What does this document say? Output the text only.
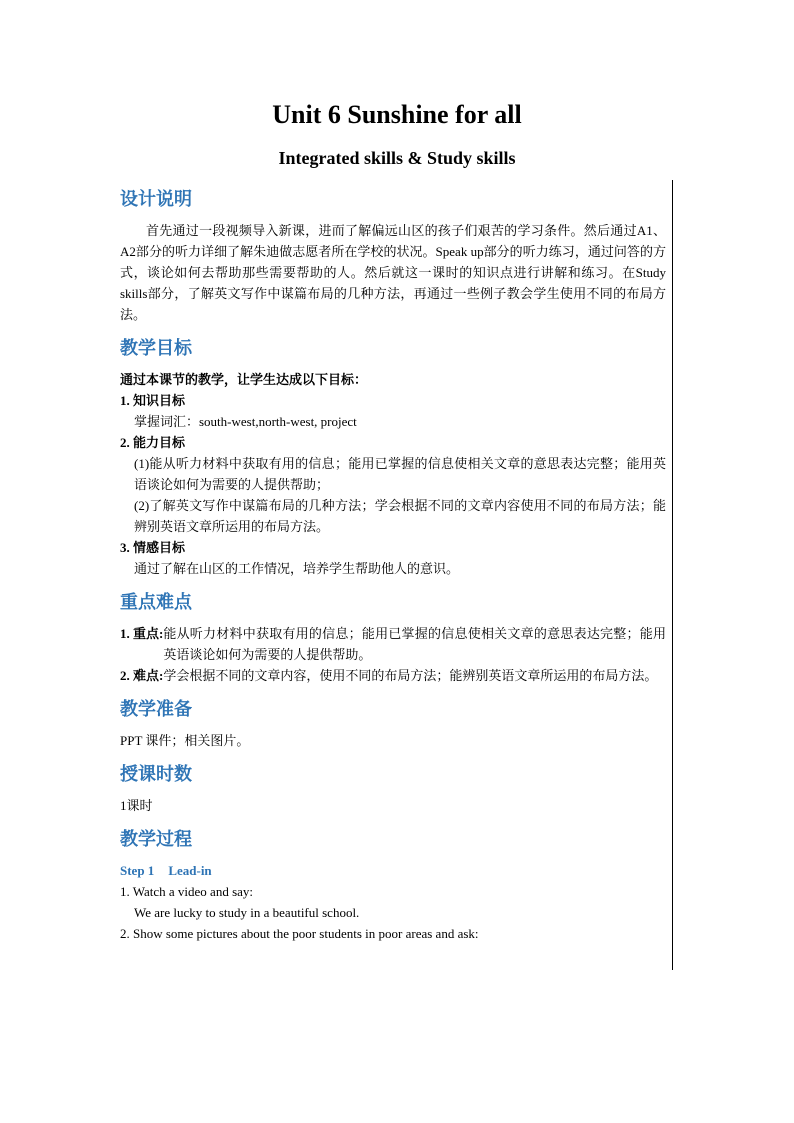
Unit 6 Sunshine for all
Integrated skills & Study skills
设计说明

首先通过一段视频导入新课，进而了解偏远山区的孩子们艰苦的学习条件。然后通过A1、A2部分的听力详细了解朱迪做志愿者所在学校的状况。Speak up部分的听力练习，通过问答的方式，谈论如何去帮助那些需要帮助的人。然后就这一课时的知识点进行讲解和练习。在Study skills部分，了解英文写作中谋篇布局的几种方法，再通过一些例子教会学生使用不同的布局方法。

教学目标

通过本课节的教学，让学生达成以下目标：

1. 知识目标

掌握词汇：south-west,north-west, project

2. 能力目标

(1)能从听力材料中获取有用的信息；能用已掌握的信息使相关文章的意思表达完整；能用英语谈论如何为需要的人提供帮助；

(2)了解英文写作中谋篇布局的几种方法；学会根据不同的文章内容使用不同的布局方法；能辨别英语文章所运用的布局方法。

3. 情感目标

通过了解在山区的工作情况，培养学生帮助他人的意识。

重点难点
1. 重点: 能从听力材料中获取有用的信息；能用已掌握的信息使相关文章的意思表达完整；能用英语谈论如何为需要的人提供帮助。
2. 难点: 学会根据不同的文章内容，使用不同的布局方法；能辨别英语文章所运用的布局方法。
教学准备

PPT 课件；相关图片。

授课时数

1课时

教学过程
Step 1 Lead-in

1. Watch a video and say:

We are lucky to study in a beautiful school.

2. Show some pictures about the poor students in poor areas and ask:
